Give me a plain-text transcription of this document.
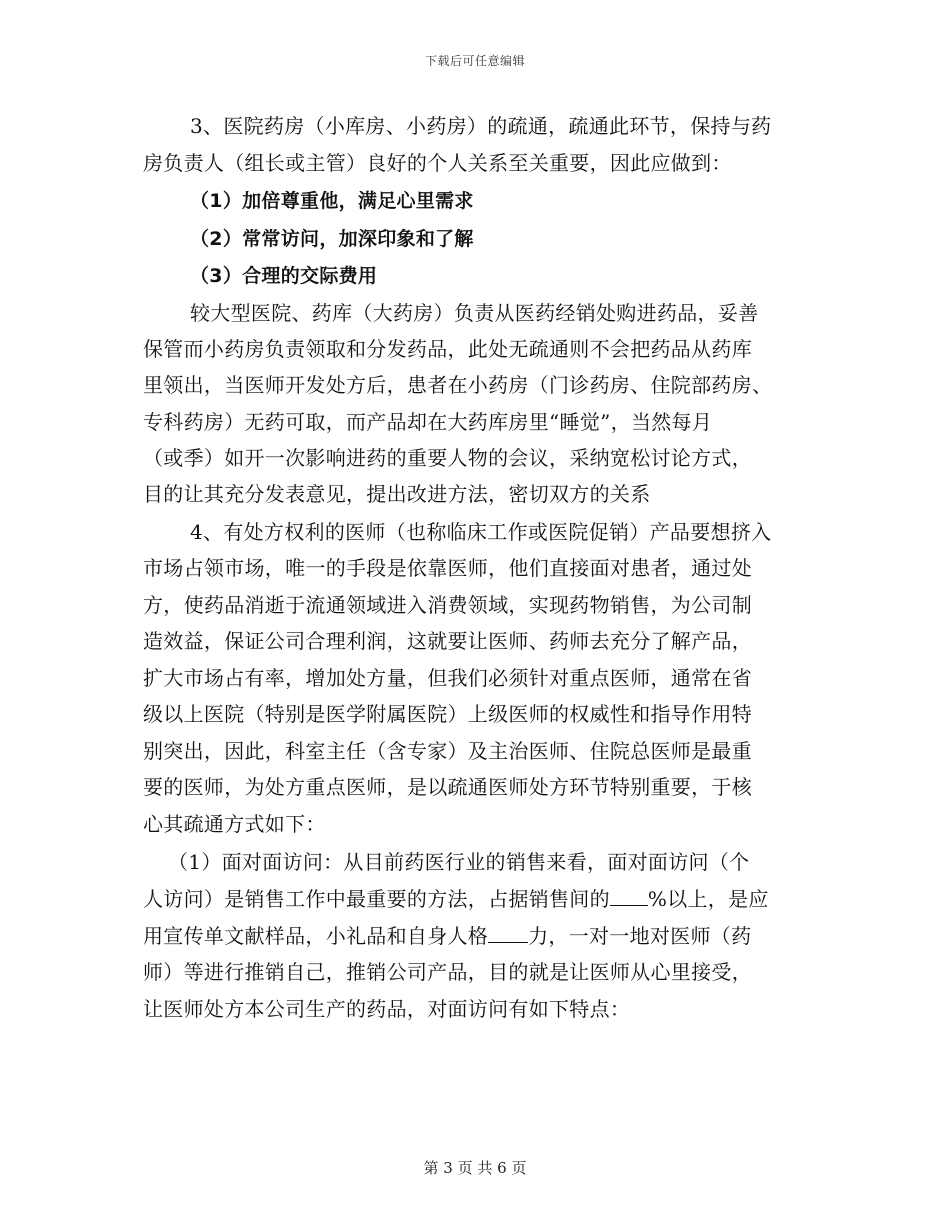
下载后可任意编辑
3、医院药房（小库房、小药房）的疏通，疏通此环节，保持与药
房负责人（组长或主管）良好的个人关系至关重要，因此应做到：
（1）加倍尊重他，满足心里需求
（2）常常访问，加深印象和了解
（3）合理的交际费用
较大型医院、药库（大药房）负责从医药经销处购进药品，妥善
保管而小药房负责领取和分发药品，此处无疏通则不会把药品从药库
里领出，当医师开发处方后，患者在小药房（门诊药房、住院部药房、
专科药房）无药可取，而产品却在大药库房里“睡觉”，当然每月
（或季）如开一次影响进药的重要人物的会议，采纳宽松讨论方式，
目的让其充分发表意见，提出改进方法，密切双方的关系
4、有处方权利的医师（也称临床工作或医院促销）产品要想挤入
市场占领市场，唯一的手段是依靠医师，他们直接面对患者，通过处
方，使药品消逝于流通领域进入消费领域，实现药物销售，为公司制
造效益，保证公司合理利润，这就要让医师、药师去充分了解产品，
扩大市场占有率，增加处方量，但我们必须针对重点医师，通常在省
级以上医院（特别是医学附属医院）上级医师的权威性和指导作用特
别突出，因此，科室主任（含专家）及主治医师、住院总医师是最重
要的医师，为处方重点医师，是以疏通医师处方环节特别重要，于核
心其疏通方式如下：
（1）面对面访问：从目前药医行业的销售来看，面对面访问（个
人访问）是销售工作中最重要的方法，占据销售间的 %以上，是应
用宣传单文献样品，小礼品和自身人格 力，一对一地对医师（药
师）等进行推销自己，推销公司产品，目的就是让医师从心里接受，
让医师处方本公司生产的药品，对面访问有如下特点：
第 3 页 共 6 页
